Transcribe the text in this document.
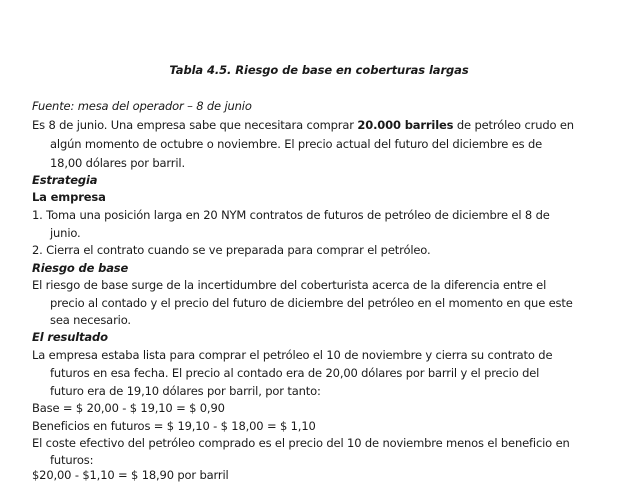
Tabla 4.5. Riesgo de base en coberturas largas
Fuente: mesa del operador – 8 de junio
Es 8 de junio. Una empresa sabe que necesitara comprar 20.000 barriles de petróleo crudo en
algún momento de octubre o noviembre. El precio actual del futuro del diciembre es de
18,00 dólares por barril.
Estrategia
La empresa
1. Toma una posición larga en 20 NYM contratos de futuros de petróleo de diciembre el 8 de
junio.
2. Cierra el contrato cuando se ve preparada para comprar el petróleo.
Riesgo de base
El riesgo de base surge de la incertidumbre del coberturista acerca de la diferencia entre el
precio al contado y el precio del futuro de diciembre del petróleo en el momento en que este
sea necesario.
El resultado
La empresa estaba lista para comprar el petróleo el 10 de noviembre y cierra su contrato de
futuros en esa fecha. El precio al contado era de 20,00 dólares por barril y el precio del
futuro era de 19,10 dólares por barril, por tanto:
Base = $ 20,00 - $ 19,10 = $ 0,90
Beneficios en futuros = $ 19,10 - $ 18,00 = $ 1,10
El coste efectivo del petróleo comprado es el precio del 10 de noviembre menos el beneficio en
futuros:
$20,00 - $1,10 = $ 18,90 por barril
